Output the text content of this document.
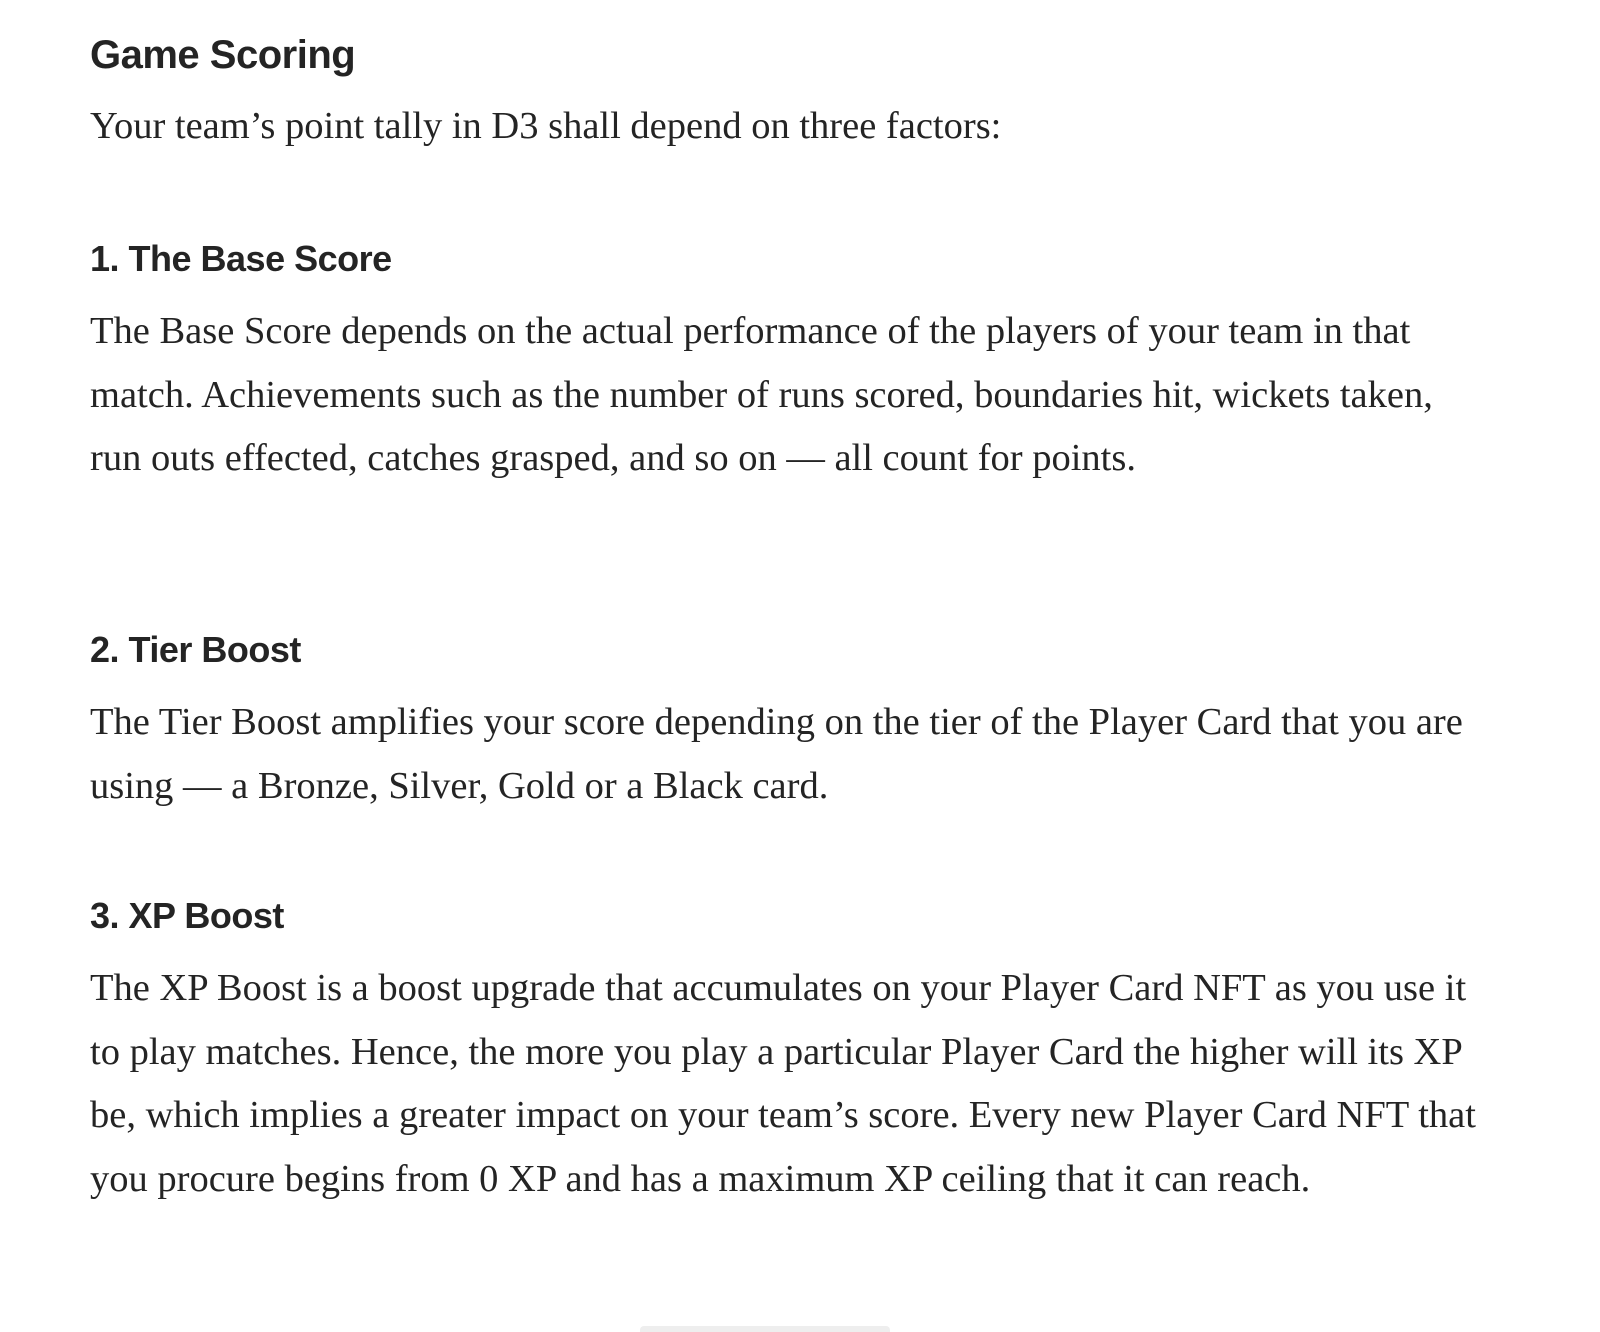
Game Scoring

Your team’s point tally in D3 shall depend on three factors:

1. The Base Score

The Base Score depends on the actual performance of the players of your team in that match. Achievements such as the number of runs scored, boundaries hit, wickets taken, run outs effected, catches grasped, and so on — all count for points.

2. Tier Boost

The Tier Boost amplifies your score depending on the tier of the Player Card that you are using — a Bronze, Silver, Gold or a Black card.

3. XP Boost

The XP Boost is a boost upgrade that accumulates on your Player Card NFT as you use it to play matches. Hence, the more you play a particular Player Card the higher will its XP be, which implies a greater impact on your team’s score. Every new Player Card NFT that you procure begins from 0 XP and has a maximum XP ceiling that it can reach.
